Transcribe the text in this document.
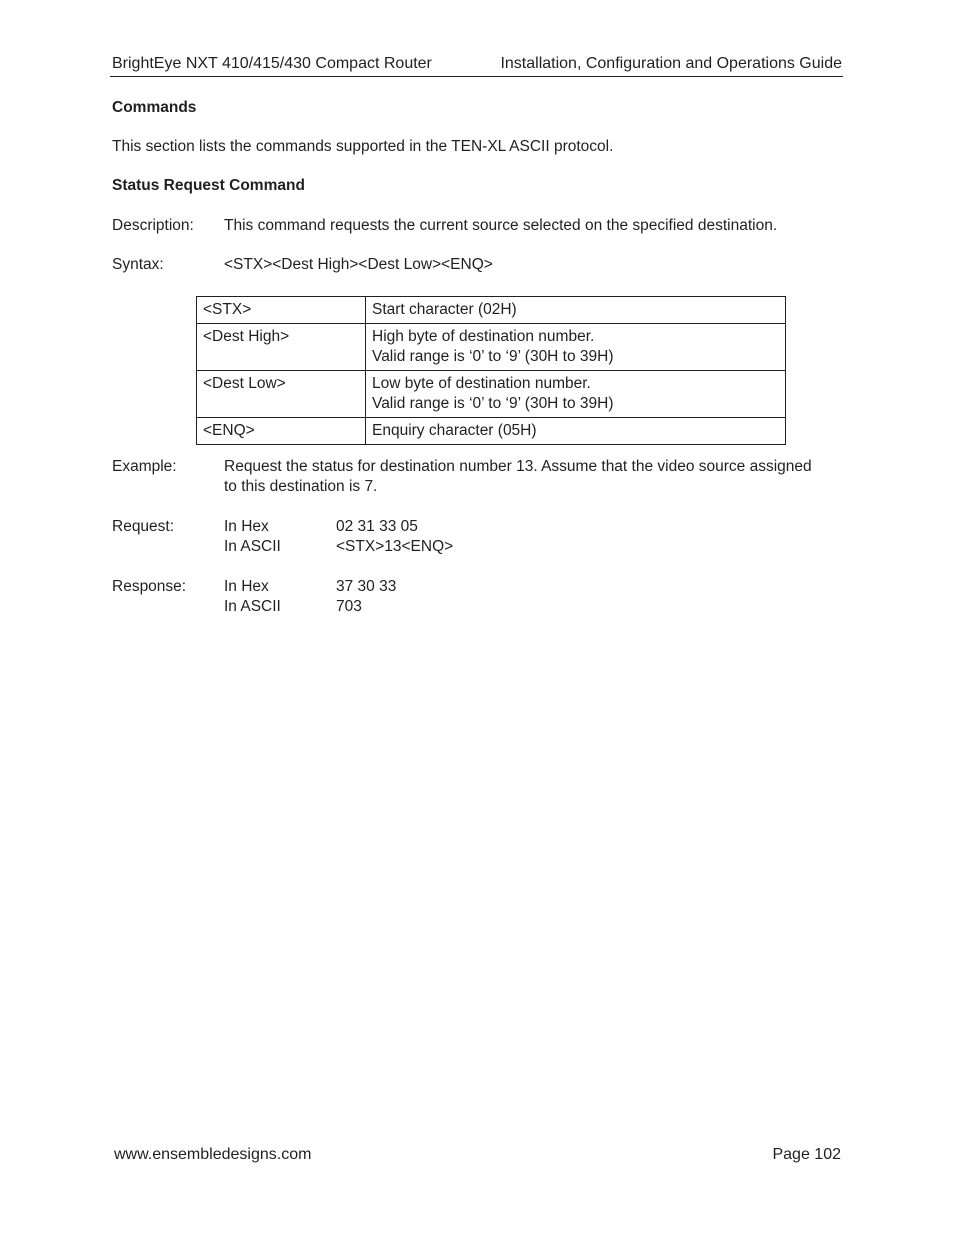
BrightEye NXT 410/415/430 Compact Router	Installation, Configuration and Operations Guide
Commands
This section lists the commands supported in the TEN-XL ASCII protocol.
Status Request Command
Description: This command requests the current source selected on the specified destination.
Syntax:	<STX><Dest High><Dest Low><ENQ>
<STX>	Start character (02H)
<Dest High>	High byte of destination number.
Valid range is ‘0’ to ‘9’ (30H to 39H)

<Dest Low>	Low byte of destination number.
Valid range is ‘0’ to ‘9’ (30H to 39H)

<ENQ>	Enquiry character (05H)
Example:	Request the status for destination number 13. Assume that the video source assigned
to this destination is 7.
Request:	In Hex	02 31 33 05
In ASCII	<STX>13<ENQ>
Response: In Hex	37 30 33
In ASCII	703
www.ensembledesigns.com	Page 102
